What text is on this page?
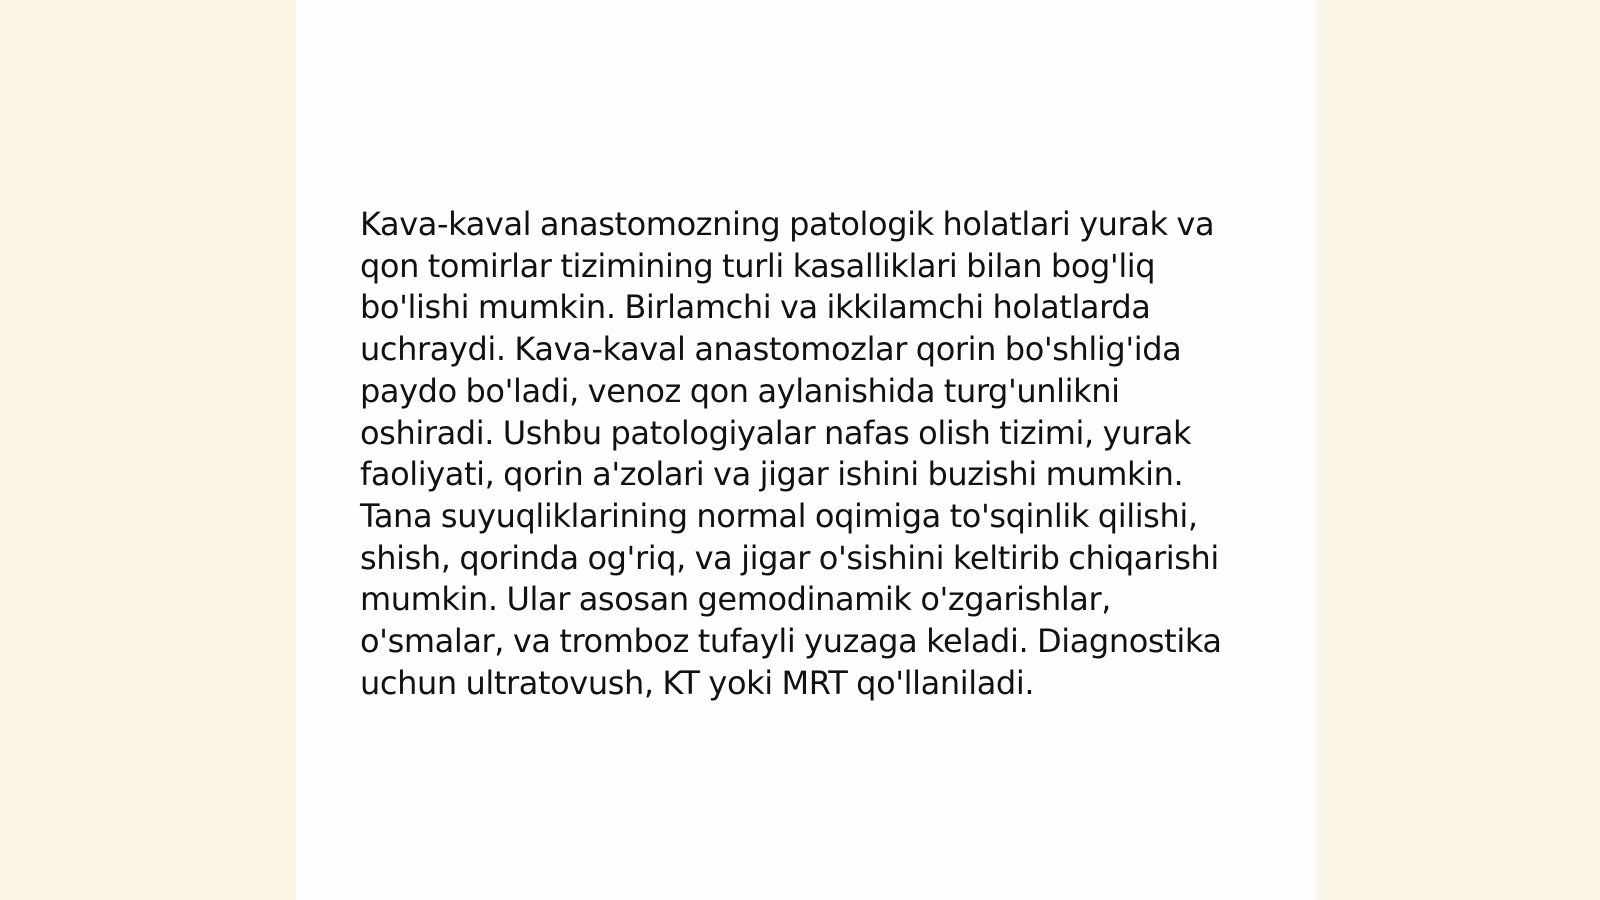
Kava-kaval anastomozning patologik holatlari yurak va qon tomirlar tizimining turli kasalliklari bilan bog'liq bo'lishi mumkin. Birlamchi va ikkilamchi holatlarda uchraydi. Kava-kaval anastomozlar qorin bo'shlig'ida paydo bo'ladi, venoz qon aylanishida turg'unlikni oshiradi. Ushbu patologiyalar nafas olish tizimi, yurak faoliyati, qorin a'zolari va jigar ishini buzishi mumkin. Tana suyuqliklarining normal oqimiga to'sqinlik qilishi, shish, qorinda og'riq, va jigar o'sishini keltirib chiqarishi mumkin. Ular asosan gemodinamik o'zgarishlar, o'smalar, va tromboz tufayli yuzaga keladi. Diagnostika uchun ultratovush, KT yoki MRT qo'llaniladi.
